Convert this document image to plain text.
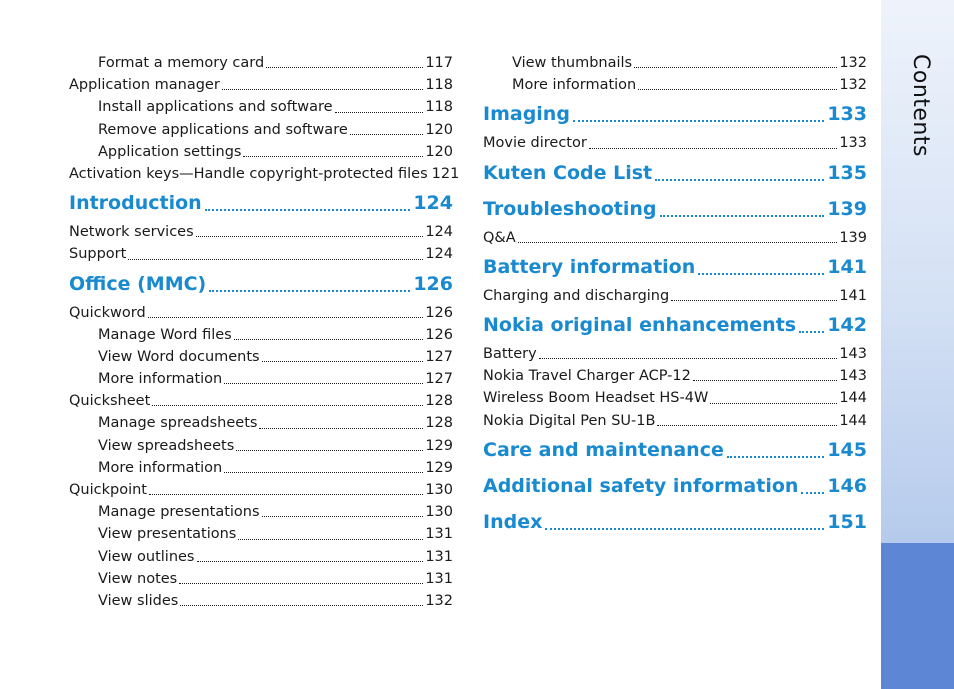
Format a memory card	117
Application manager	118
Install applications and software	118
Remove applications and software	120
Application settings	120
Activation keys—Handle copyright-protected files 121
Introduction	124
Network services	124
Support	124
Office (MMC)	126
Quickword	126
Manage Word files	126
View Word documents	127
More information	127
Quicksheet	128
Manage spreadsheets	128
View spreadsheets	129
More information	129
Quickpoint	130
Manage presentations	130
View presentations	131
View outlines	131
View notes	131
View slides	132
View thumbnails	132
More information	132
Imaging	133
Movie director	133
Kuten Code List	135
Troubleshooting	139
Q&A	139
Battery information	141
Charging and discharging	141
Nokia original enhancements 142
Battery	143
Nokia Travel Charger ACP-12	143
Wireless Boom Headset HS-4W	144
Nokia Digital Pen SU-1B	144
Care and maintenance	145
Additional safety information 146
Index	151
Contents
